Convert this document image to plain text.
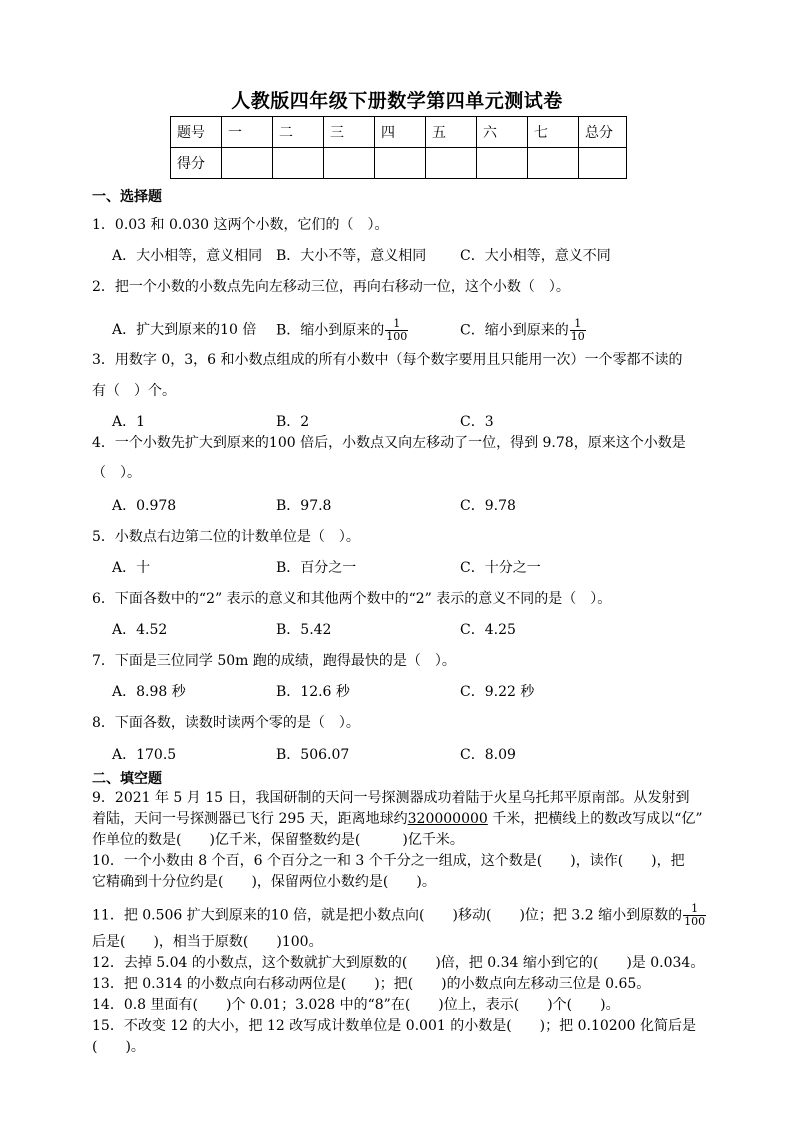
人教版四年级下册数学第四单元测试卷
题号	一	二	三	四	五	六	七	总分
得分								
一、选择题
1．0.03 和 0.030 这两个小数，它们的（　）。
A．大小相等，意义相同 B．大小不等，意义相同 C．大小相等，意义不同
2．把一个小数的小数点先向左移动三位，再向右移动一位，这个小数（　）。
A．扩大到原来的10 倍 B．缩小到原来的 $\frac{1}{100}$	C．缩小到原来的 $\frac{1}{10}$
3．用数字 0，3，6 和小数点组成的所有小数中（每个数字要用且只能用一次）一个零都不读的
有（　）个。
A．1	B．2	C．3
4．一个小数先扩大到原来的100 倍后，小数点又向左移动了一位，得到 9.78，原来这个小数是
（　）。
A．0.978	B．97.8	C．9.78
5．小数点右边第二位的计数单位是（　）。
A．十	B．百分之一	C．十分之一
6．下面各数中的“2” 表示的意义和其他两个数中的“2” 表示的意义不同的是（　）。
A．4.52	B．5.42	C．4.25
7．下面是三位同学 50m 跑的成绩，跑得最快的是（　）。
A．8.98 秒	B．12.6 秒	C．9.22 秒
8．下面各数，读数时读两个零的是（　）。
A．170.5	B．506.07	C．8.09
二、填空题
9．2021 年 5 月 15 日，我国研制的天问一号探测器成功着陆于火星乌托邦平原南部。从发射到
着陆，天问一号探测器已飞行 295 天，距离地球约320000000 千米，把横线上的数改写成以“亿”
作单位的数是(　　)亿千米，保留整数约是(　　　)亿千米。
10．一个小数由 8 个百，6 个百分之一和 3 个千分之一组成，这个数是(　　)，读作(　　)，把
它精确到十分位约是(　　)，保留两位小数约是(　　)。
11．把 0.506 扩大到原来的10 倍，就是把小数点向(　　)移动(　　)位；把 3.2 缩小到原数的 $\frac{1}{100}$
后是(　　)，相当于原数(　　)100。
12．去掉 5.04 的小数点，这个数就扩大到原数的(　　)倍，把 0.34 缩小到它的(　　)是 0.034。
13．把 0.314 的小数点向右移动两位是(　　)；把(　　)的小数点向左移动三位是 0.65。
14．0.8 里面有(　　)个 0.01；3.028 中的“8”在(　　)位上，表示(　　)个(　　)。
15．不改变 12 的大小，把 12 改写成计数单位是 0.001 的小数是(　　)；把 0.10200 化简后是
(　　)。
